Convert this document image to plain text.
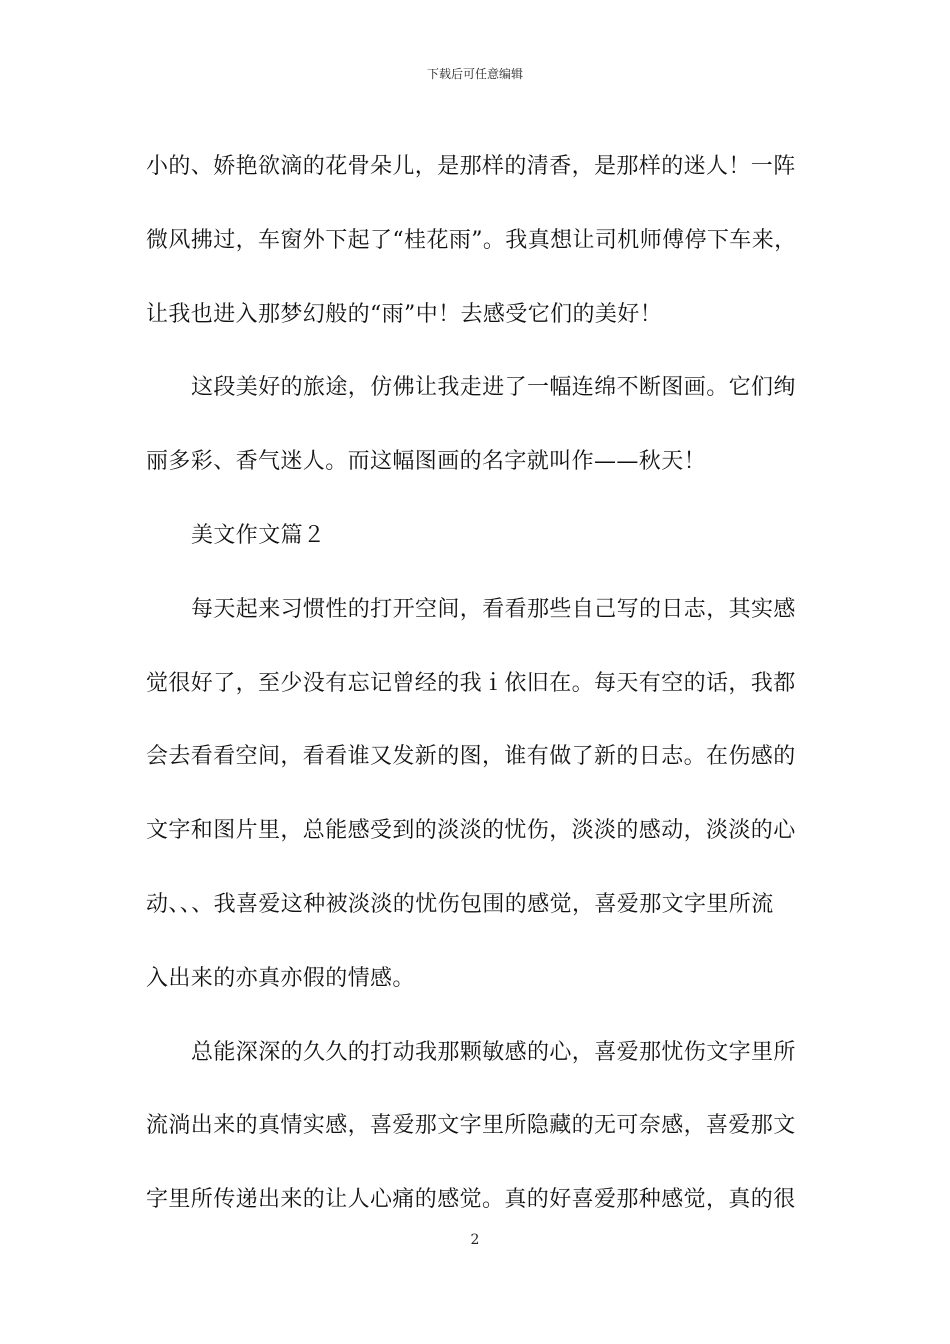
下载后可任意编辑
小的、娇艳欲滴的花骨朵儿，是那样的清香，是那样的迷人！一阵
微风拂过，车窗外下起了“桂花雨”。我真想让司机师傅停下车来，
让我也进入那梦幻般的“雨”中！去感受它们的美好！
这段美好的旅途，仿佛让我走进了一幅连绵不断图画。它们绚
丽多彩、香气迷人。而这幅图画的名字就叫作——秋天！
美文作文篇２
每天起来习惯性的打开空间，看看那些自己写的日志，其实感
觉很好了，至少没有忘记曾经的我ｉ依旧在。每天有空的话，我都
会去看看空间，看看谁又发新的图，谁有做了新的日志。在伤感的
文字和图片里，总能感受到的淡淡的忧伤，淡淡的感动，淡淡的心
动、、、我喜爱这种被淡淡的忧伤包围的感觉，喜爱那文字里所流
入出来的亦真亦假的情感。
总能深深的久久的打动我那颗敏感的心，喜爱那忧伤文字里所
流淌出来的真情实感，喜爱那文字里所隐藏的无可奈感，喜爱那文
字里所传递出来的让人心痛的感觉。真的好喜爱那种感觉，真的很
2
